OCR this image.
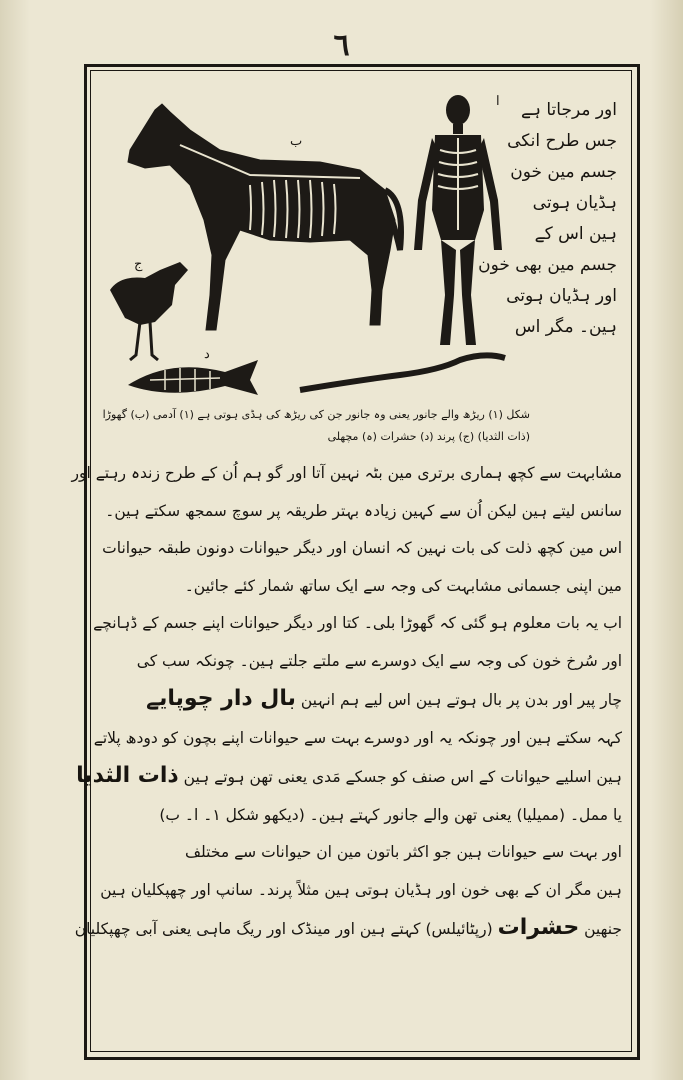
٦
ب
ا
ج
د
اور مرجاتا ہے
جس طرح انکی
جسم مین خون
ہڈیان ہوتی
ہین اس کے
جسم مین بھی خون
اور ہڈیان ہوتی
ہین۔ مگر اس
شکل (۱) ریڑھ والے جانور یعنی وہ جانور جن کی ریڑھ کی ہڈی ہوتی ہے (۱) آدمی (ب) گھوڑا
(ذات الثدیا) (ج) پرند (د) حشرات (ہ) مچھلی
مشابہت سے کچھ ہماری برتری مین بٹہ نہین آتا اور گو ہم اُن کے طرح زندہ رہتے اور
سانس لیتے ہین لیکن اُن سے کہین زیادہ بہتر طریقہ پر سوچ سمجھ سکتے ہین۔
اس مین کچھ ذلت کی بات نہین کہ انسان اور دیگر حیوانات دونون طبقہ حیوانات
مین اپنی جسمانی مشابہت کی وجہ سے ایک ساتھ شمار کئے جائین۔
اب یہ بات معلوم ہو گئی کہ گھوڑا بلی۔ کتا اور دیگر حیوانات اپنے جسم کے ڈہانچے
اور سُرخ خون کی وجہ سے ایک دوسرے سے ملتے جلتے ہین۔ چونکہ سب کی
چار پیر اور بدن پر بال ہوتے ہین اس لیے ہم انہین بال دار چوپایے
کہہ سکتے ہین اور چونکہ یہ اور دوسرے بہت سے حیوانات اپنے بچون کو دودھ پلاتے
ہین اسلیے حیوانات کے اس صنف کو جسکے مَدی یعنی تھن ہوتے ہین ذات الثدیا
یا ممل۔ (ممیلیا) یعنی تھن والے جانور کہتے ہین۔ (دیکھو شکل ۱۔ ا۔ ب)
اور بہت سے حیوانات ہین جو اکثر باتون مین ان حیوانات سے مختلف
ہین مگر ان کے بھی خون اور ہڈیان ہوتی ہین مثلاً پرند۔ سانپ اور چھپکلیان ہین
جنھین حشرات (رپٹائیلس) کہتے ہین اور مینڈک اور ریگ ماہی یعنی آبی چھپکلیان
